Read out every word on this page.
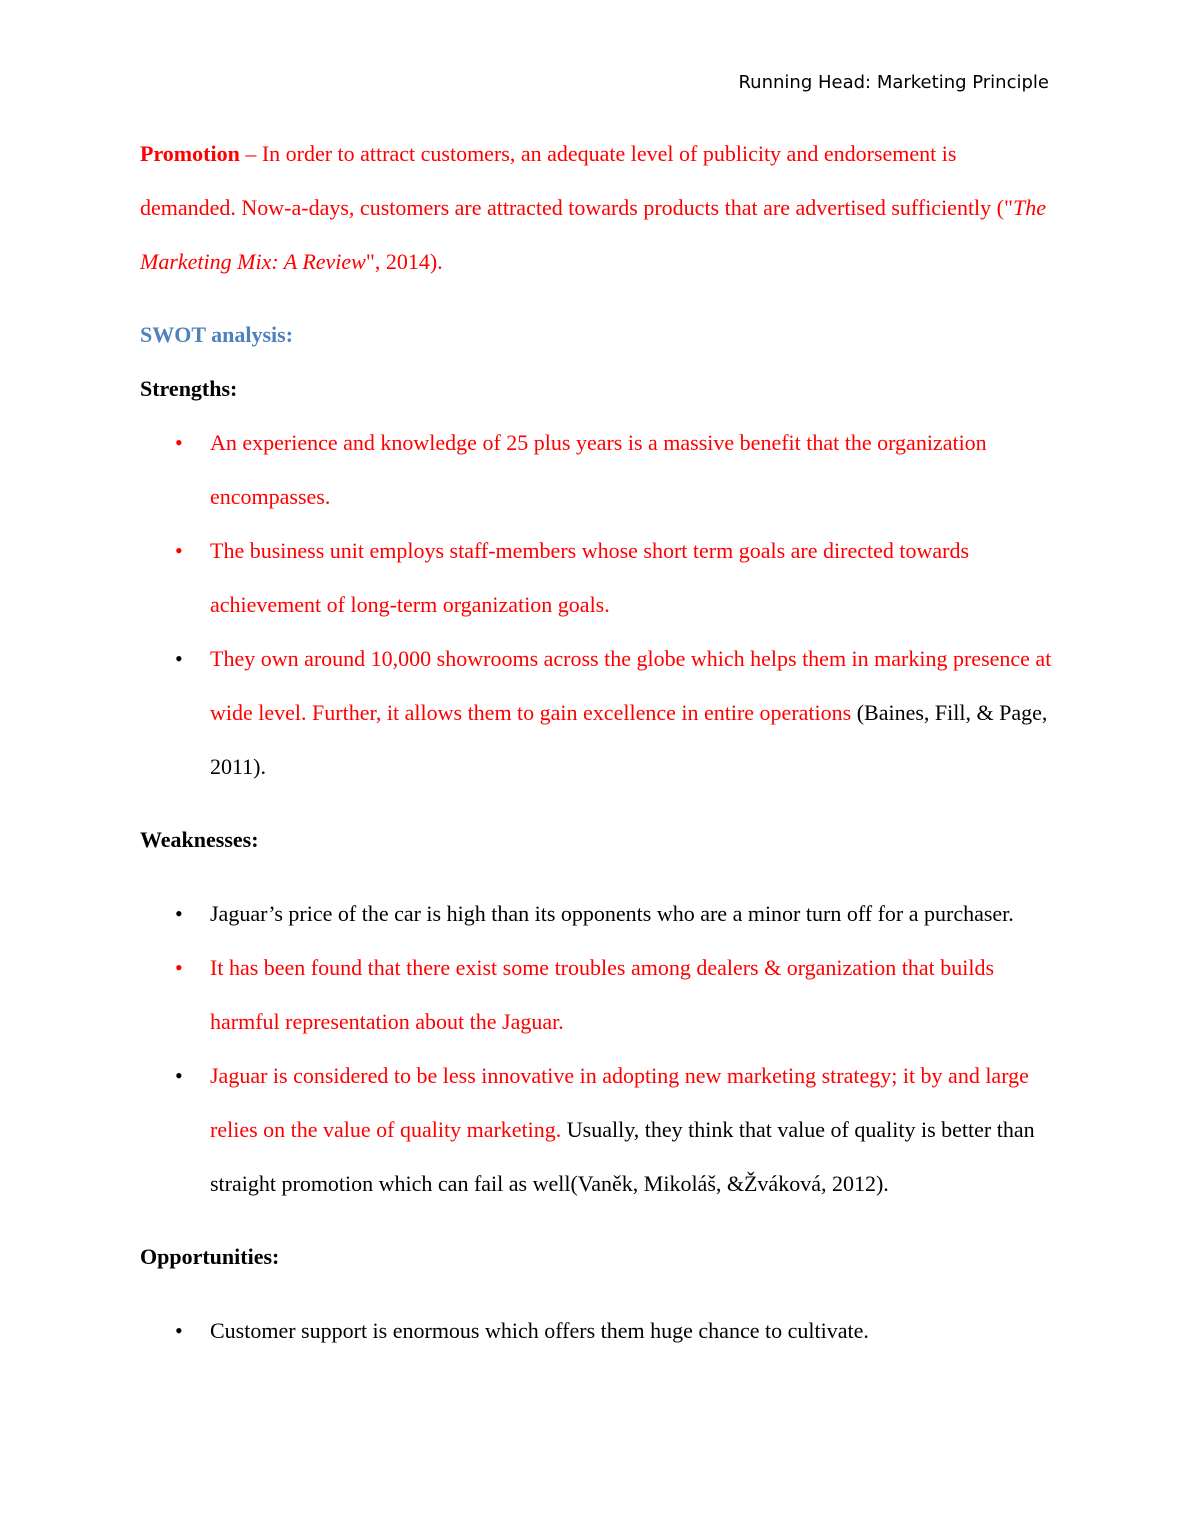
Running Head: Marketing Principle

Promotion – In order to attract customers, an adequate level of publicity and endorsement is demanded. Now-a-days, customers are attracted towards products that are advertised sufficiently ("The Marketing Mix: A Review", 2014).

SWOT analysis:

Strengths:

• An experience and knowledge of 25 plus years is a massive benefit that the organization encompasses.
• The business unit employs staff-members whose short term goals are directed towards achievement of long-term organization goals.
• They own around 10,000 showrooms across the globe which helps them in marking presence at wide level. Further, it allows them to gain excellence in entire operations (Baines, Fill, & Page, 2011).

Weaknesses:

• Jaguar’s price of the car is high than its opponents who are a minor turn off for a purchaser.
• It has been found that there exist some troubles among dealers & organization that builds harmful representation about the Jaguar.
• Jaguar is considered to be less innovative in adopting new marketing strategy; it by and large relies on the value of quality marketing. Usually, they think that value of quality is better than straight promotion which can fail as well(Vaněk, Mikoláš, &Žváková, 2012).

Opportunities:

• Customer support is enormous which offers them huge chance to cultivate.
